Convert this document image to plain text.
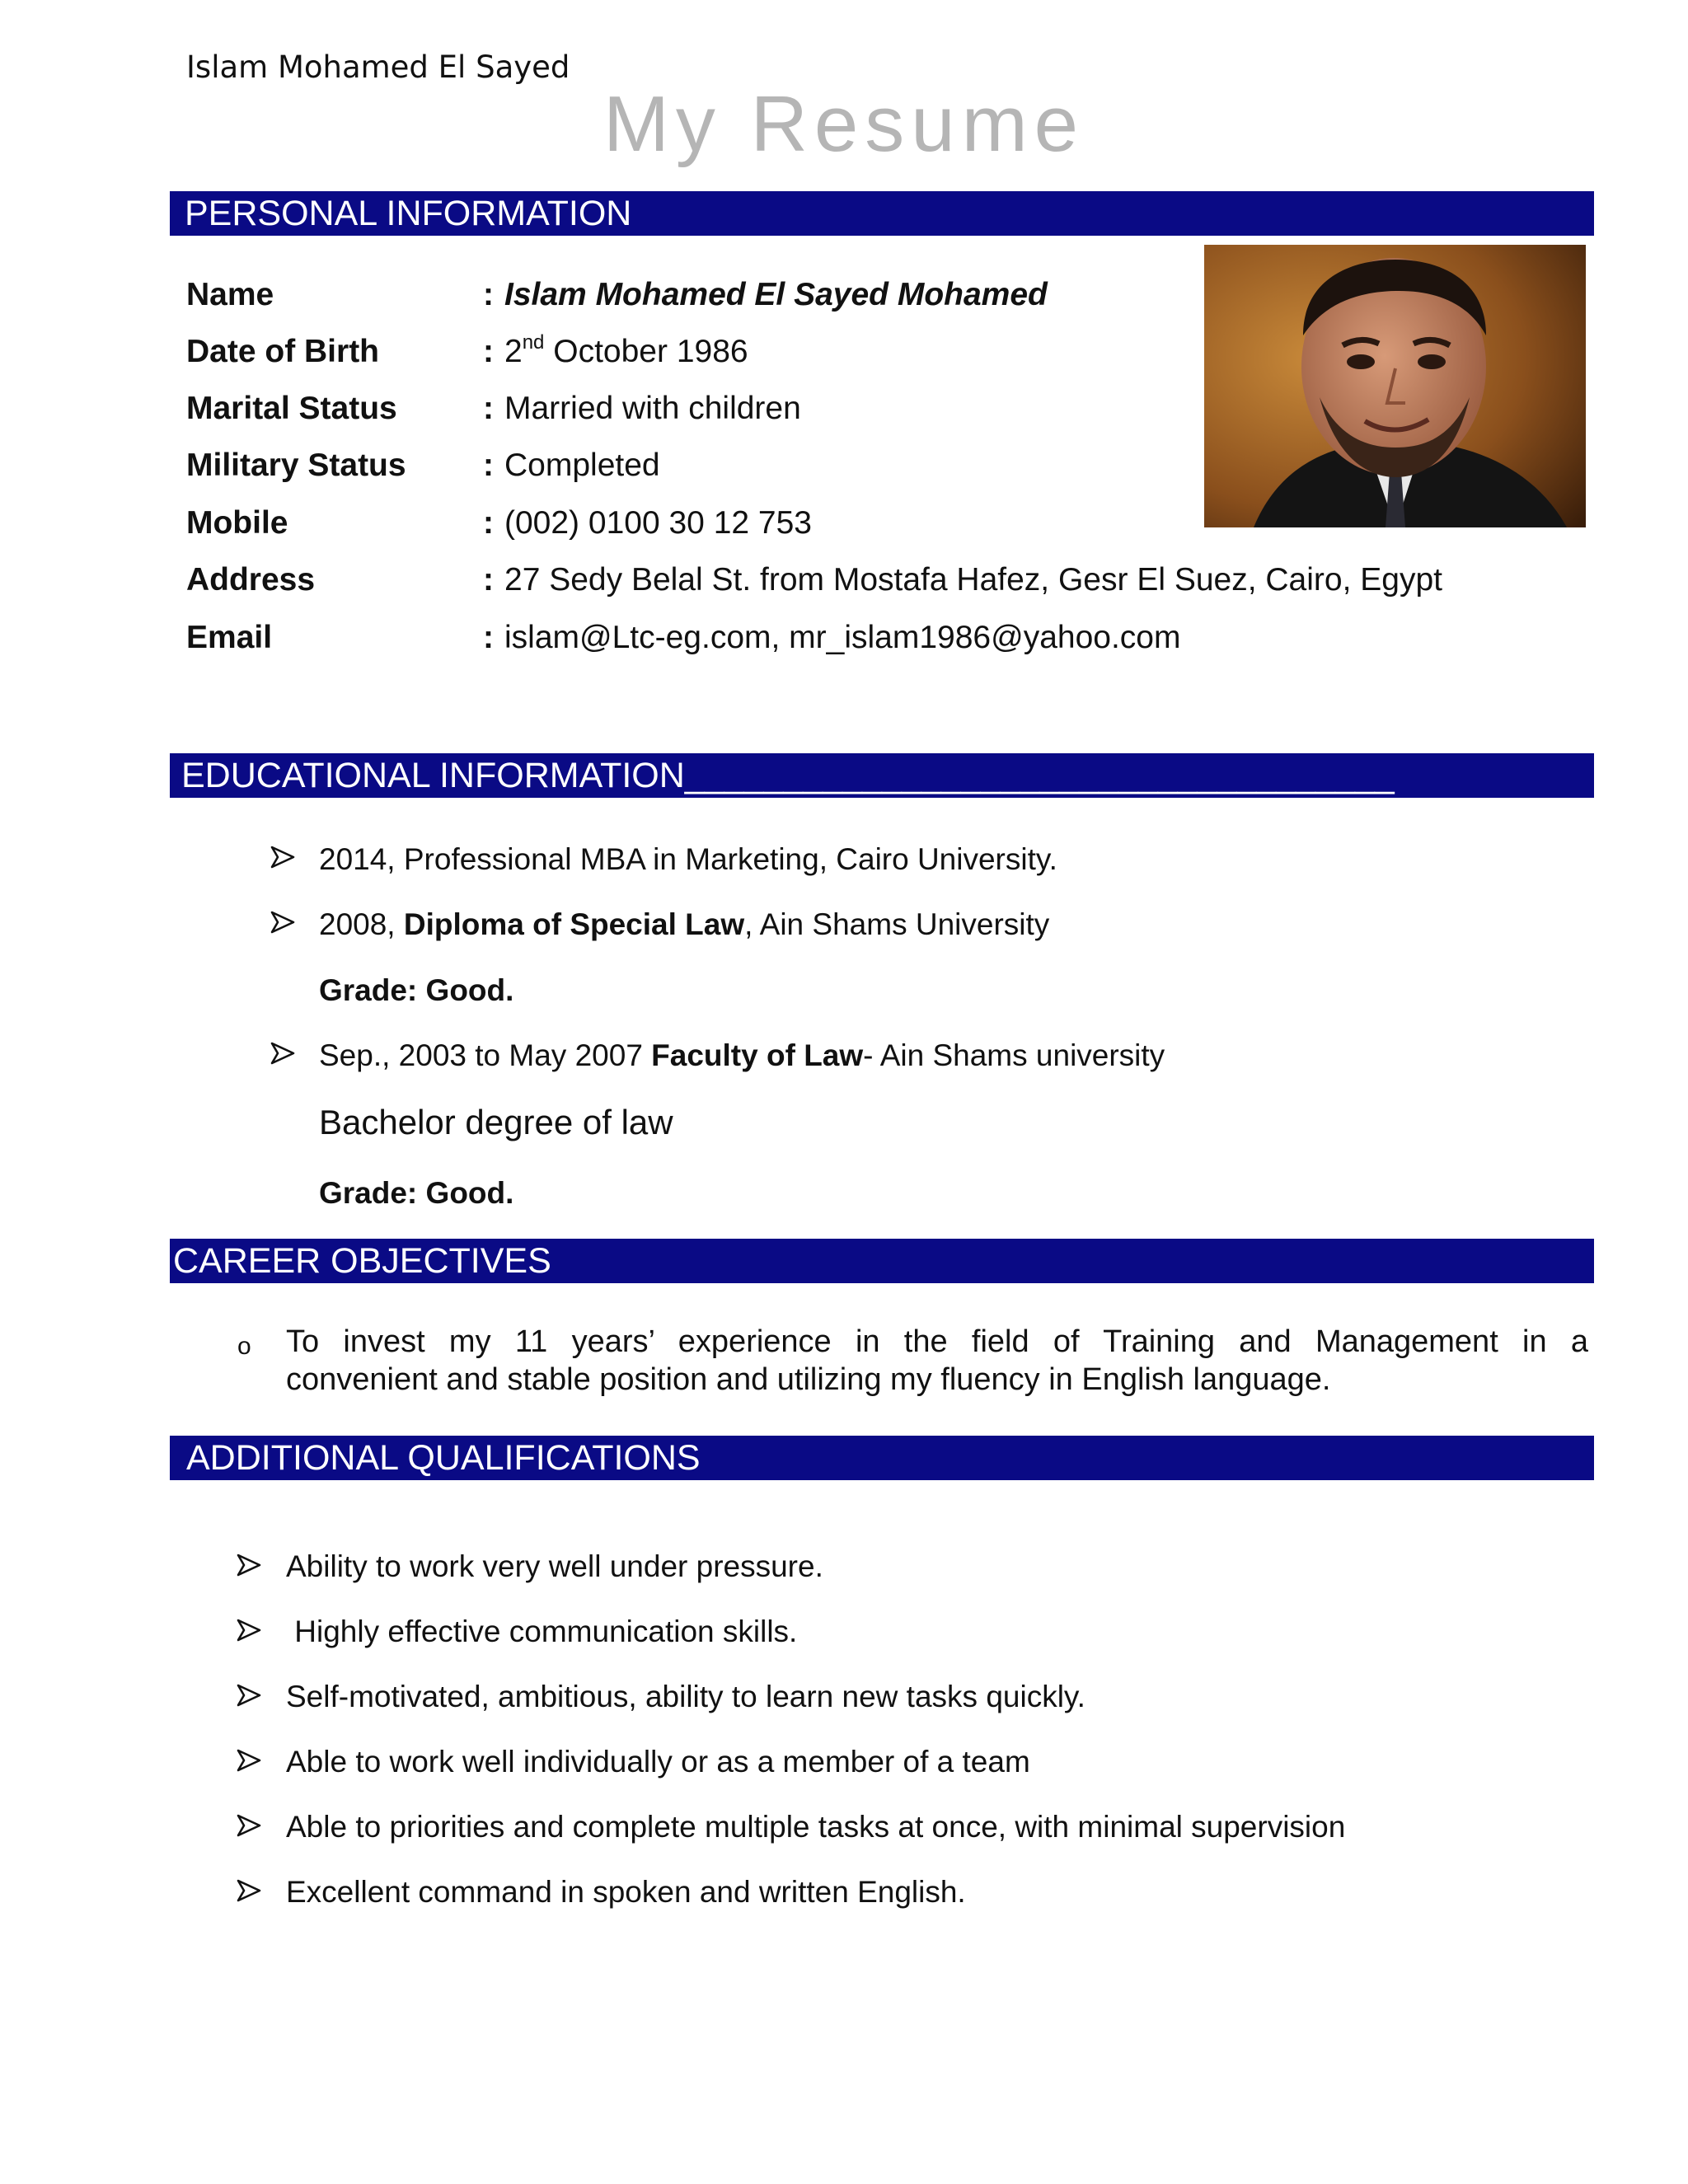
Islam Mohamed El Sayed
My Resume
PERSONAL INFORMATION
Name	: Islam Mohamed El Sayed Mohamed
Date of Birth	: 2nd October 1986
Marital Status	: Married with children
Military Status : Completed
Mobile	: (002) 0100 30 12 753
Address	: 27 Sedy Belal St. from Mostafa Hafez, Gesr El Suez, Cairo, Egypt
Email	: islam@Ltc-eg.com, mr_islam1986@yahoo.com
EDUCATIONAL INFORMATION____________________________________
2014, Professional MBA in Marketing, Cairo University.
2008, Diploma of Special Law, Ain Shams University
Grade: Good.
Sep., 2003 to May 2007 Faculty of Law- Ain Shams university
Bachelor degree of law
Grade: Good.
CAREER OBJECTIVES
o To invest my 11 years’ experience in the field of Training and Management in a
convenient and stable position and utilizing my fluency in English language.
ADDITIONAL QUALIFICATIONS
Ability to work very well under pressure.
Highly effective communication skills.
Self-motivated, ambitious, ability to learn new tasks quickly.
Able to work well individually or as a member of a team
Able to priorities and complete multiple tasks at once, with minimal supervision
Excellent command in spoken and written English.
